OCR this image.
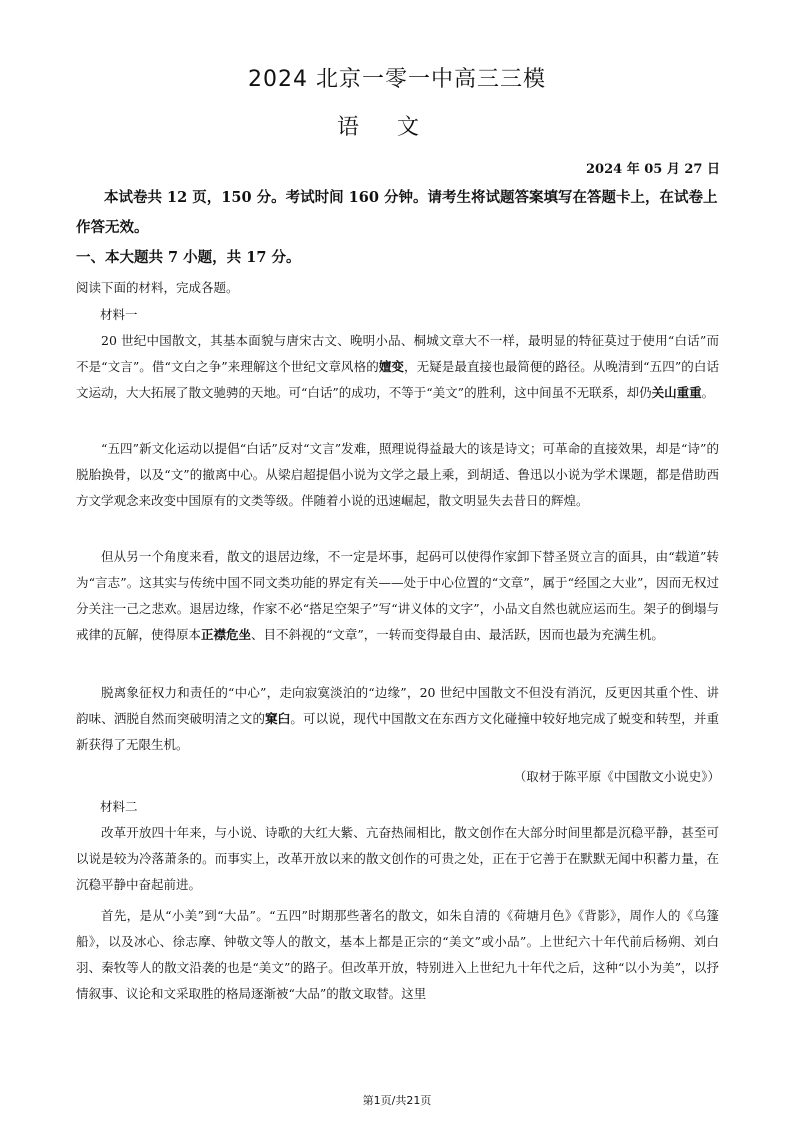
2024 北京一零一中高三三模
语文
2024 年 05 月 27 日
本试卷共 12 页，150 分。考试时间 160 分钟。请考生将试题答案填写在答题卡上，在试卷上作答无效。
一、本大题共 7 小题，共 17 分。
阅读下面的材料，完成各题。
材料一

20 世纪中国散文，其基本面貌与唐宋古文、晚明小品、桐城文章大不一样，最明显的特征莫过于使用“白话”而不是“文言”。借“文白之争”来理解这个世纪文章风格的嬗变，无疑是最直接也最简便的路径。从晚清到“五四”的白话文运动，大大拓展了散文驰骋的天地。可“白话”的成功，不等于“美文”的胜利，这中间虽不无联系，却仍关山重重。

“五四”新文化运动以提倡“白话”反对“文言”发难，照理说得益最大的该是诗文；可革命的直接效果，却是“诗”的脱胎换骨，以及“文”的撤离中心。从梁启超提倡小说为文学之最上乘，到胡适、鲁迅以小说为学术课题，都是借助西方文学观念来改变中国原有的文类等级。伴随着小说的迅速崛起，散文明显失去昔日的辉煌。

但从另一个角度来看，散文的退居边缘，不一定是坏事，起码可以使得作家卸下替圣贤立言的面具，由“载道”转为“言志”。这其实与传统中国不同文类功能的界定有关——处于中心位置的“文章”，属于“经国之大业”，因而无权过分关注一己之悲欢。退居边缘，作家不必“搭足空架子”写“讲义体的文字”，小品文自然也就应运而生。架子的倒塌与戒律的瓦解，使得原本正襟危坐、目不斜视的“文章”，一转而变得最自由、最活跃，因而也最为充满生机。

脱离象征权力和责任的“中心”，走向寂寞淡泊的“边缘”，20 世纪中国散文不但没有消沉，反更因其重个性、讲韵味、洒脱自然而突破明清之文的窠臼。可以说，现代中国散文在东西方文化碰撞中较好地完成了蜕变和转型，并重新获得了无限生机。

（取材于陈平原《中国散文小说史》）
材料二

改革开放四十年来，与小说、诗歌的大红大紫、亢奋热闹相比，散文创作在大部分时间里都是沉稳平静，甚至可以说是较为冷落萧条的。而事实上，改革开放以来的散文创作的可贵之处，正在于它善于在默默无闻中积蓄力量，在沉稳平静中奋起前进。

首先，是从“小美”到“大品”。“五四”时期那些著名的散文，如朱自清的《荷塘月色》《背影》，周作人的《乌篷船》，以及冰心、徐志摩、钟敬文等人的散文，基本上都是正宗的“美文”或小品”。上世纪六十年代前后杨朔、刘白羽、秦牧等人的散文沿袭的也是“美文”的路子。但改革开放，特别进入上世纪九十年代之后，这种“以小为美”，以抒情叙事、议论和文采取胜的格局逐渐被“大品”的散文取替。这里

第1页/共21页
